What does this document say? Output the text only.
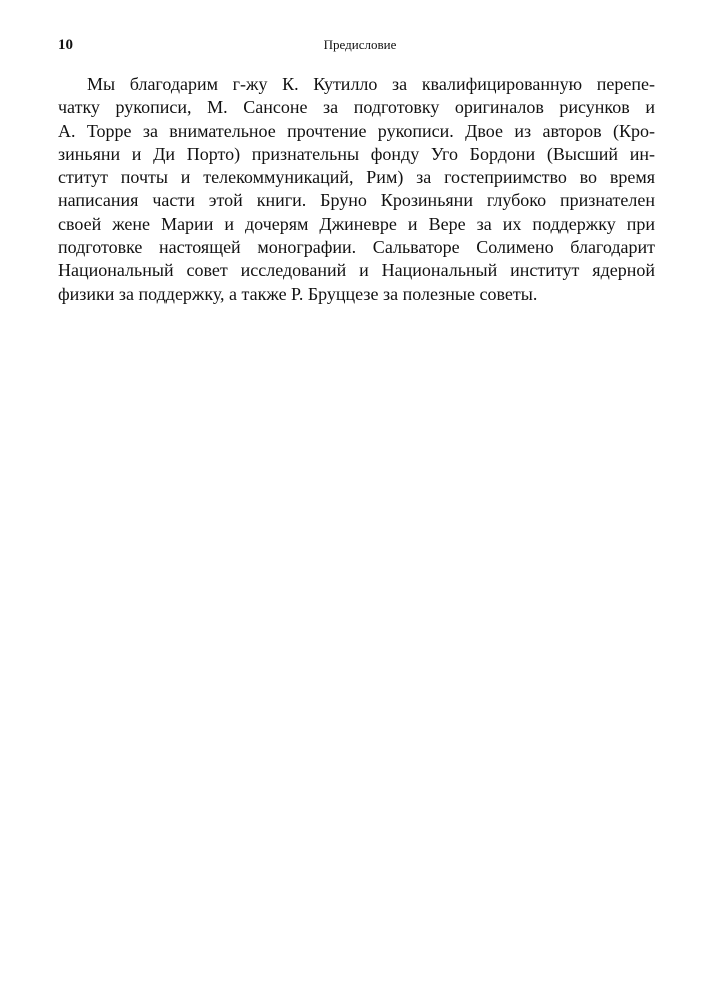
10	Предисловие
Мы благодарим г-жу К. Кутилло за квалифицированную перепе-
чатку рукописи, М. Сансоне за подготовку оригиналов рисунков и
А. Торре за внимательное прочтение рукописи. Двое из авторов (Кро-
зиньяни и Ди Порто) признательны фонду Уго Бордони (Высший ин-
ститут почты и телекоммуникаций, Рим) за гостеприимство во время
написания части этой книги. Бруно Крозиньяни глубоко признателен
своей жене Марии и дочерям Джиневре и Вере за их поддержку при
подготовке настоящей монографии. Сальваторе Солимено благодарит
Национальный совет исследований и Национальный институт ядерной
физики за поддержку, а также Р. Бруццезе за полезные советы.
